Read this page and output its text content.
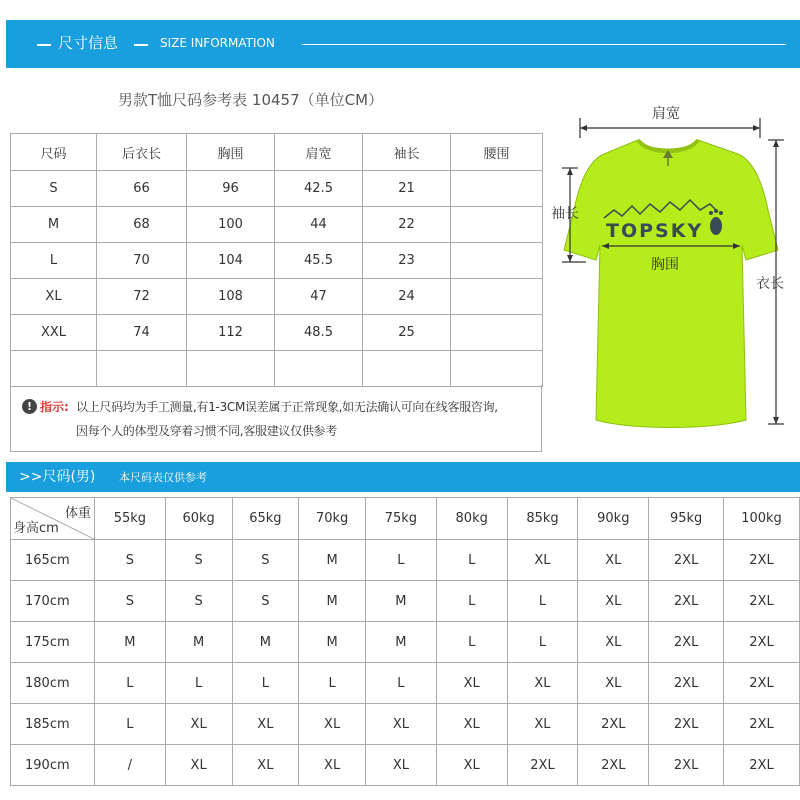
尺寸信息	SIZE INFORMATION
男款T恤尺码参考表 10457（单位CM）
尺码	后衣长	胸围	肩宽	袖长	腰围
S	66	96	42.5	21	
M	68	100	44	22	
L	70	104	45.5	23	
XL	72	108	47	24	
XXL	74	112	48.5	25	

! 指示: 以上尺码均为手工测量,有1-3CM误差属于正常现象,如无法确认可向在线客服咨询,
因每个人的体型及穿着习惯不同,客服建议仅供参考
TOPSKY
肩宽
袖长
胸围
衣长
>>尺码(男) 本尺码表仅供参考
体重
身高cm	55kg	60kg	65kg	70kg	75kg	80kg	85kg	90kg	95kg	100kg
165cm	S	S	S	M	L	L	XL	XL	2XL	2XL
170cm	S	S	S	M	M	L	L	XL	2XL	2XL
175cm	M	M	M	M	M	L	L	XL	2XL	2XL
180cm	L	L	L	L	L	XL	XL	XL	2XL	2XL
185cm	L	XL	XL	XL	XL	XL	XL	2XL	2XL	2XL
190cm	/	XL	XL	XL	XL	XL	2XL	2XL	2XL	2XL
